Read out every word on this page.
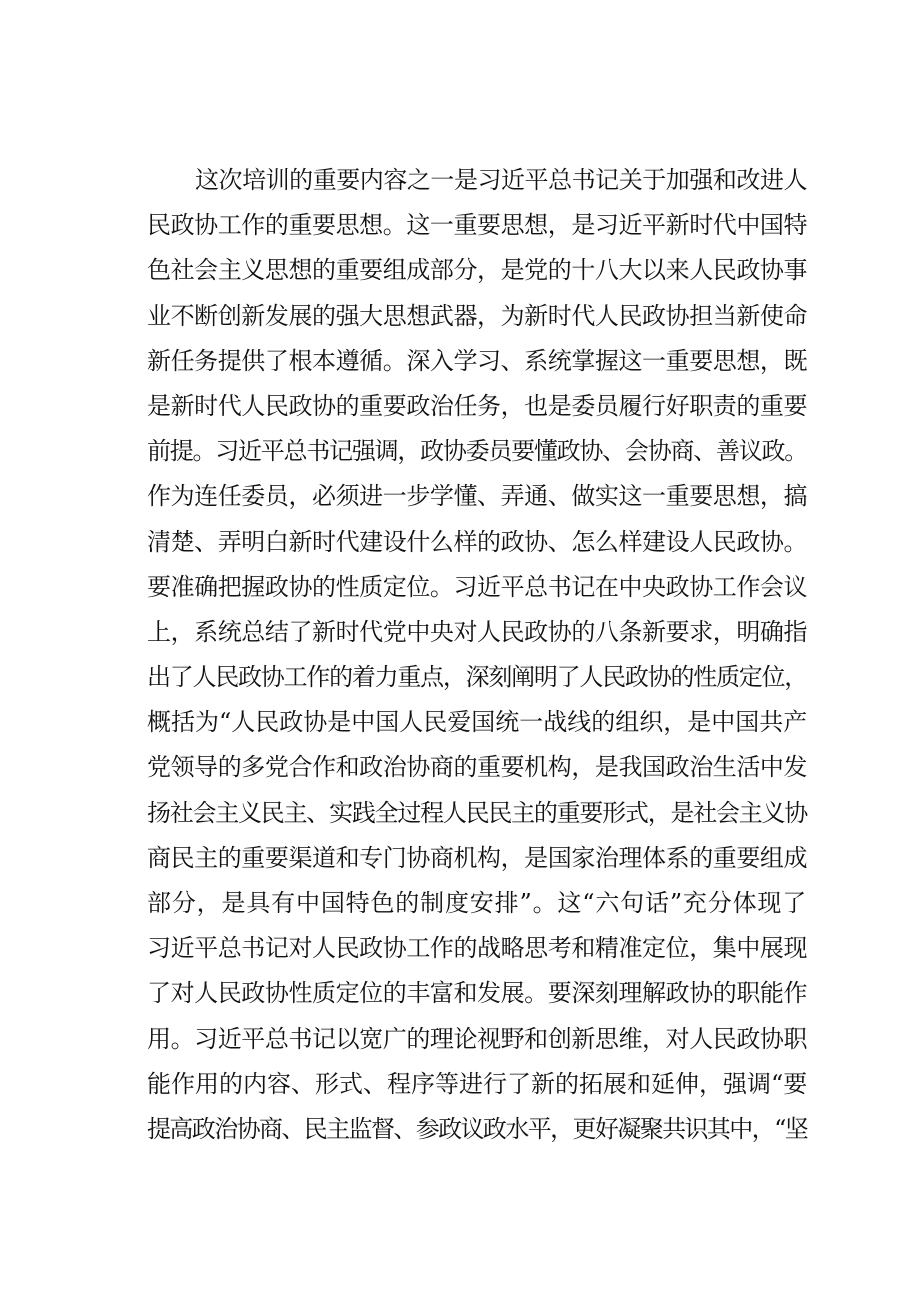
这次培训的重要内容之一是习近平总书记关于加强和改进人
民政协工作的重要思想。这一重要思想，是习近平新时代中国特
色社会主义思想的重要组成部分，是党的十八大以来人民政协事
业不断创新发展的强大思想武器，为新时代人民政协担当新使命
新任务提供了根本遵循。深入学习、系统掌握这一重要思想，既
是新时代人民政协的重要政治任务，也是委员履行好职责的重要
前提。习近平总书记强调，政协委员要懂政协、会协商、善议政。
作为连任委员，必须进一步学懂、弄通、做实这一重要思想，搞
清楚、弄明白新时代建设什么样的政协、怎么样建设人民政协。
要准确把握政协的性质定位。习近平总书记在中央政协工作会议
上，系统总结了新时代党中央对人民政协的八条新要求，明确指
出了人民政协工作的着力重点，深刻阐明了人民政协的性质定位，
概括为“人民政协是中国人民爱国统一战线的组织，是中国共产
党领导的多党合作和政治协商的重要机构，是我国政治生活中发
扬社会主义民主、实践全过程人民民主的重要形式，是社会主义协
商民主的重要渠道和专门协商机构，是国家治理体系的重要组成
部分，是具有中国特色的制度安排”。这“六句话”充分体现了
习近平总书记对人民政协工作的战略思考和精准定位，集中展现
了对人民政协性质定位的丰富和发展。要深刻理解政协的职能作
用。习近平总书记以宽广的理论视野和创新思维，对人民政协职
能作用的内容、形式、程序等进行了新的拓展和延伸，强调“要
提高政治协商、民主监督、参政议政水平，更好凝聚共识其中，“坚
